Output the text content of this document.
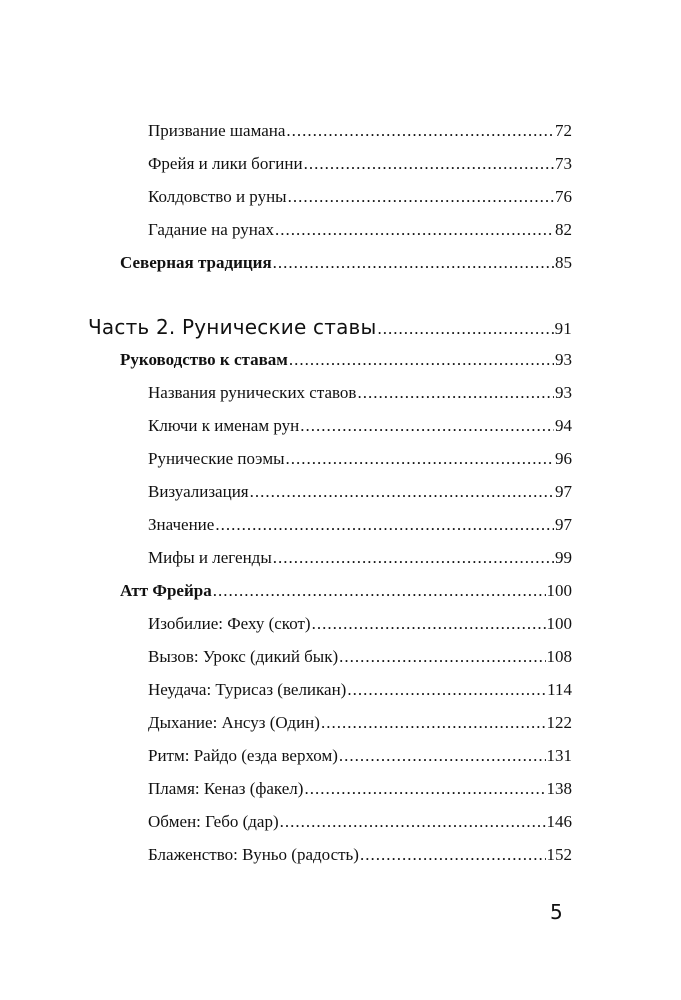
Призвание шамана .....	72
Фрейя и лики богини .....	73
Колдовство и руны .....	76
Гадание на рунах .....	82
Северная традиция .....	85
Часть 2. Рунические ставы .....	91
Руководство к ставам .....	93
Названия рунических ставов .....	93
Ключи к именам рун .....	94
Рунические поэмы .....	96
Визуализация .....	97
Значение .....	97
Мифы и легенды .....	99
Атт Фрейра .....	100
Изобилие: Феху (скот) .....	100
Вызов: Урокс (дикий бык) .....	108
Неудача: Турисаз (великан) .....	114
Дыхание: Ансуз (Один) .....	122
Ритм: Райдо (езда верхом) .....	131
Пламя: Кеназ (факел) .....	138
Обмен: Гебо (дар) .....	146
Блаженство: Вуньо (радость) .....	152
5
